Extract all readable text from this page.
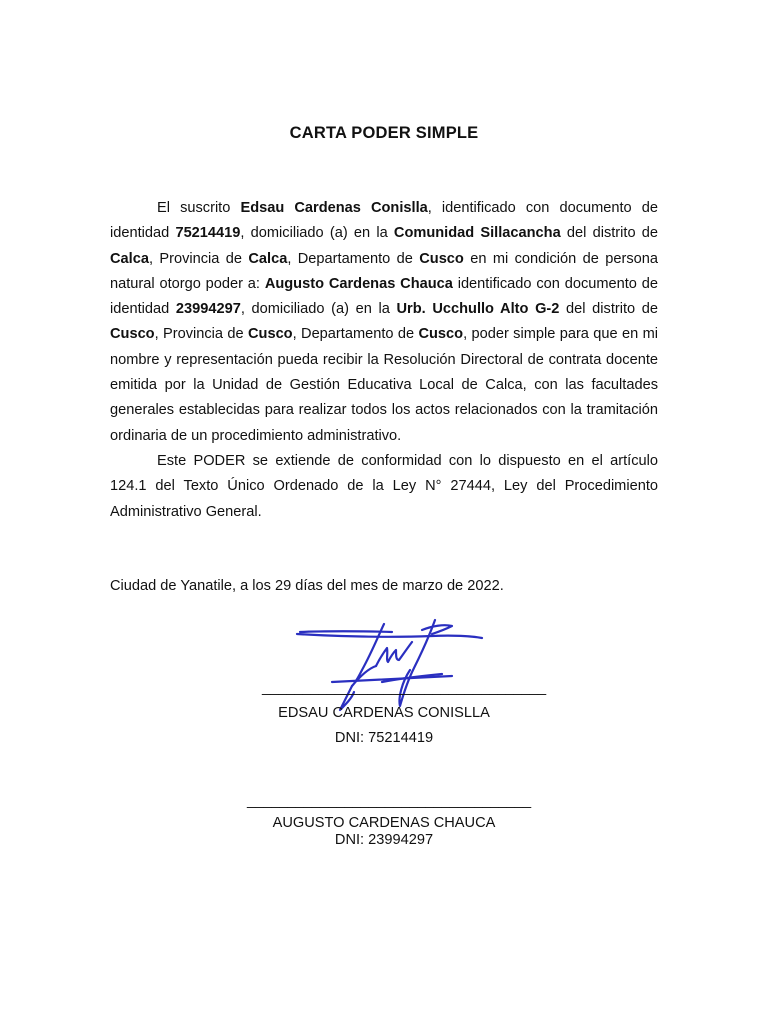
CARTA PODER SIMPLE

El suscrito Edsau Cardenas Conislla, identificado con documento de identidad 75214419, domiciliado (a) en la Comunidad Sillacancha del distrito de Calca, Provincia de Calca, Departamento de Cusco en mi condición de persona natural otorgo poder a: Augusto Cardenas Chauca identificado con documento de identidad 23994297, domiciliado (a) en la Urb. Ucchullo Alto G-2 del distrito de Cusco, Provincia de Cusco, Departamento de Cusco, poder simple para que en mi nombre y representación pueda recibir la Resolución Directoral de contrata docente emitida por la Unidad de Gestión Educativa Local de Calca, con las facultades generales establecidas para realizar todos los actos relacionados con la tramitación ordinaria de un procedimiento administrativo.

Este PODER se extiende de conformidad con lo dispuesto en el artículo 124.1 del Texto Único Ordenado de la Ley N° 27444, Ley del Procedimiento Administrativo General.

Ciudad de Yanatile, a los 29 días del mes de marzo de 2022.
___________________________________
EDSAU CARDENAS CONISLLA
DNI: 75214419
___________________________________
AUGUSTO CARDENAS CHAUCA
DNI: 23994297
